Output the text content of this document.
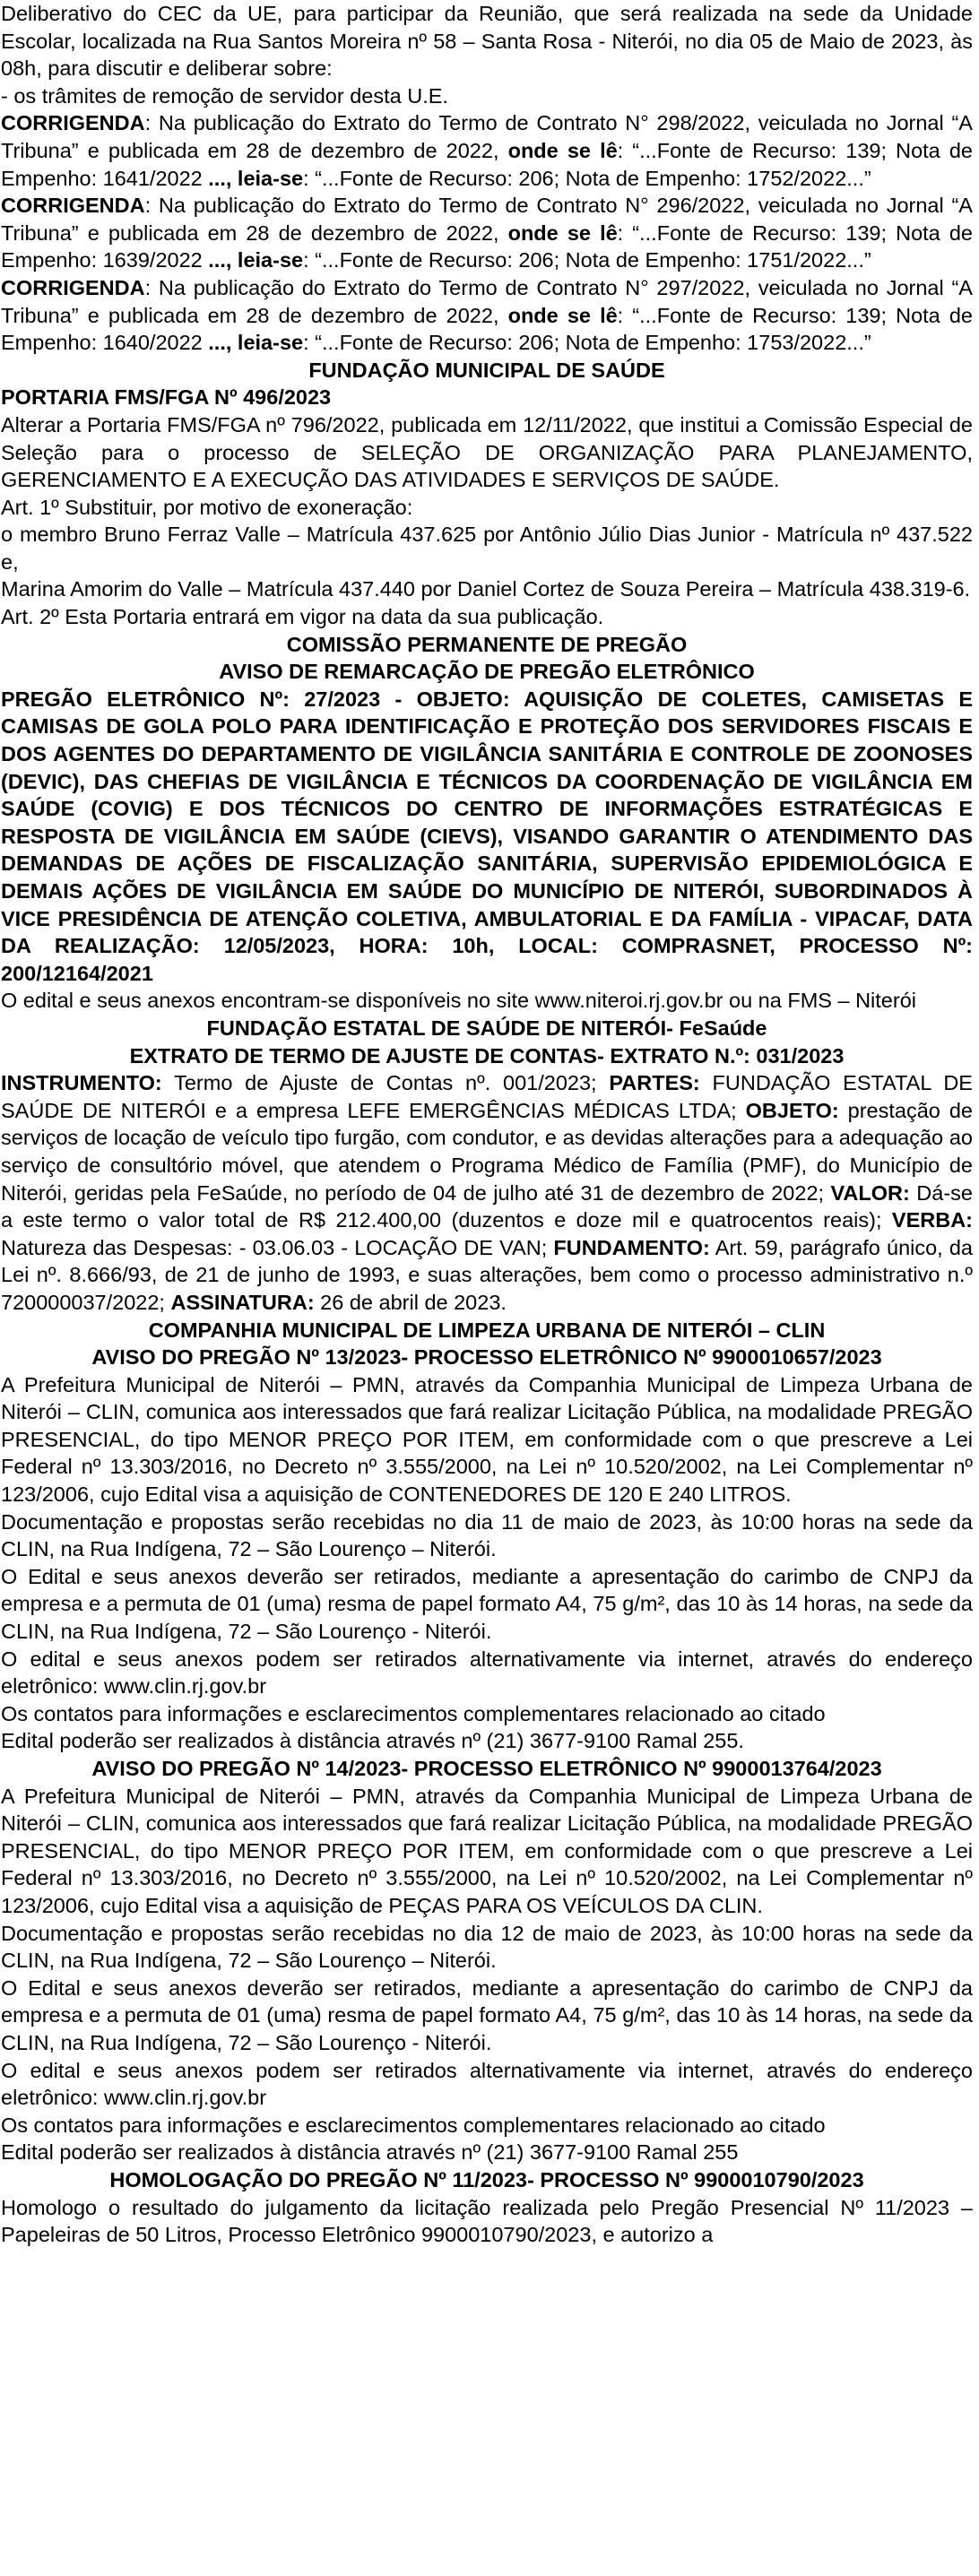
Deliberativo do CEC da UE, para participar da Reunião, que será realizada na sede da Unidade Escolar, localizada na Rua Santos Moreira nº 58 – Santa Rosa - Niterói, no dia 05 de Maio de 2023, às 08h, para discutir e deliberar sobre:

- os trâmites de remoção de servidor desta U.E.

CORRIGENDA: Na publicação do Extrato do Termo de Contrato N° 298/2022, veiculada no Jornal “A Tribuna” e publicada em 28 de dezembro de 2022, onde se lê: “...Fonte de Recurso: 139; Nota de Empenho: 1641/2022 ..., leia-se: “...Fonte de Recurso: 206; Nota de Empenho: 1752/2022...”

CORRIGENDA: Na publicação do Extrato do Termo de Contrato N° 296/2022, veiculada no Jornal “A Tribuna” e publicada em 28 de dezembro de 2022, onde se lê: “...Fonte de Recurso: 139; Nota de Empenho: 1639/2022 ..., leia-se: “...Fonte de Recurso: 206; Nota de Empenho: 1751/2022...”

CORRIGENDA: Na publicação do Extrato do Termo de Contrato N° 297/2022, veiculada no Jornal “A Tribuna” e publicada em 28 de dezembro de 2022, onde se lê: “...Fonte de Recurso: 139; Nota de Empenho: 1640/2022 ..., leia-se: “...Fonte de Recurso: 206; Nota de Empenho: 1753/2022...”

FUNDAÇÃO MUNICIPAL DE SAÚDE

PORTARIA FMS/FGA Nº 496/2023

Alterar a Portaria FMS/FGA nº 796/2022, publicada em 12/11/2022, que institui a Comissão Especial de Seleção para o processo de SELEÇÃO DE ORGANIZAÇÃO PARA PLANEJAMENTO, GERENCIAMENTO E A EXECUÇÃO DAS ATIVIDADES E SERVIÇOS DE SAÚDE.

Art. 1º Substituir, por motivo de exoneração:

o membro Bruno Ferraz Valle – Matrícula 437.625 por Antônio Júlio Dias Junior - Matrícula nº 437.522 e,

Marina Amorim do Valle – Matrícula 437.440 por Daniel Cortez de Souza Pereira – Matrícula 438.319-6.

Art. 2º Esta Portaria entrará em vigor na data da sua publicação.

COMISSÃO PERMANENTE DE PREGÃO

AVISO DE REMARCAÇÃO DE PREGÃO ELETRÔNICO

PREGÃO ELETRÔNICO Nº: 27/2023 - OBJETO: AQUISIÇÃO DE COLETES, CAMISETAS E CAMISAS DE GOLA POLO PARA IDENTIFICAÇÃO E PROTEÇÃO DOS SERVIDORES FISCAIS E DOS AGENTES DO DEPARTAMENTO DE VIGILÂNCIA SANITÁRIA E CONTROLE DE ZOONOSES (DEVIC), DAS CHEFIAS DE VIGILÂNCIA E TÉCNICOS DA COORDENAÇÃO DE VIGILÂNCIA EM SAÚDE (COVIG) E DOS TÉCNICOS DO CENTRO DE INFORMAÇÕES ESTRATÉGICAS E RESPOSTA DE VIGILÂNCIA EM SAÚDE (CIEVS), VISANDO GARANTIR O ATENDIMENTO DAS DEMANDAS DE AÇÕES DE FISCALIZAÇÃO SANITÁRIA, SUPERVISÃO EPIDEMIOLÓGICA E DEMAIS AÇÕES DE VIGILÂNCIA EM SAÚDE DO MUNICÍPIO DE NITERÓI, SUBORDINADOS À VICE PRESIDÊNCIA DE ATENÇÃO COLETIVA, AMBULATORIAL E DA FAMÍLIA - VIPACAF, DATA DA REALIZAÇÃO: 12/05/2023, HORA: 10h, LOCAL: COMPRASNET, PROCESSO Nº: 200/12164/2021

O edital e seus anexos encontram-se disponíveis no site www.niteroi.rj.gov.br ou na FMS – Niterói

FUNDAÇÃO ESTATAL DE SAÚDE DE NITERÓI- FeSaúde

EXTRATO DE TERMO DE AJUSTE DE CONTAS- EXTRATO N.º: 031/2023

INSTRUMENTO: Termo de Ajuste de Contas nº. 001/2023; PARTES: FUNDAÇÃO ESTATAL DE SAÚDE DE NITERÓI e a empresa LEFE EMERGÊNCIAS MÉDICAS LTDA; OBJETO: prestação de serviços de locação de veículo tipo furgão, com condutor, e as devidas alterações para a adequação ao serviço de consultório móvel, que atendem o Programa Médico de Família (PMF), do Município de Niterói, geridas pela FeSaúde, no período de 04 de julho até 31 de dezembro de 2022; VALOR: Dá-se a este termo o valor total de R$ 212.400,00 (duzentos e doze mil e quatrocentos reais); VERBA: Natureza das Despesas: - 03.06.03 - LOCAÇÃO DE VAN; FUNDAMENTO: Art. 59, parágrafo único, da Lei nº. 8.666/93, de 21 de junho de 1993, e suas alterações, bem como o processo administrativo n.º 720000037/2022; ASSINATURA: 26 de abril de 2023.

COMPANHIA MUNICIPAL DE LIMPEZA URBANA DE NITERÓI – CLIN

AVISO DO PREGÃO Nº 13/2023- PROCESSO ELETRÔNICO Nº 9900010657/2023

A Prefeitura Municipal de Niterói – PMN, através da Companhia Municipal de Limpeza Urbana de Niterói – CLIN, comunica aos interessados que fará realizar Licitação Pública, na modalidade PREGÃO PRESENCIAL, do tipo MENOR PREÇO POR ITEM, em conformidade com o que prescreve a Lei Federal nº 13.303/2016, no Decreto nº 3.555/2000, na Lei nº 10.520/2002, na Lei Complementar nº 123/2006, cujo Edital visa a aquisição de CONTENEDORES DE 120 E 240 LITROS.

Documentação e propostas serão recebidas no dia 11 de maio de 2023, às 10:00 horas na sede da CLIN, na Rua Indígena, 72 – São Lourenço – Niterói.

O Edital e seus anexos deverão ser retirados, mediante a apresentação do carimbo de CNPJ da empresa e a permuta de 01 (uma) resma de papel formato A4, 75 g/m², das 10 às 14 horas, na sede da CLIN, na Rua Indígena, 72 – São Lourenço - Niterói.

O edital e seus anexos podem ser retirados alternativamente via internet, através do endereço eletrônico: www.clin.rj.gov.br

Os contatos para informações e esclarecimentos complementares relacionado ao citado

Edital poderão ser realizados à distância através nº (21) 3677-9100 Ramal 255.

AVISO DO PREGÃO Nº 14/2023- PROCESSO ELETRÔNICO Nº 9900013764/2023

A Prefeitura Municipal de Niterói – PMN, através da Companhia Municipal de Limpeza Urbana de Niterói – CLIN, comunica aos interessados que fará realizar Licitação Pública, na modalidade PREGÃO PRESENCIAL, do tipo MENOR PREÇO POR ITEM, em conformidade com o que prescreve a Lei Federal nº 13.303/2016, no Decreto nº 3.555/2000, na Lei nº 10.520/2002, na Lei Complementar nº 123/2006, cujo Edital visa a aquisição de PEÇAS PARA OS VEÍCULOS DA CLIN.

Documentação e propostas serão recebidas no dia 12 de maio de 2023, às 10:00 horas na sede da CLIN, na Rua Indígena, 72 – São Lourenço – Niterói.

O Edital e seus anexos deverão ser retirados, mediante a apresentação do carimbo de CNPJ da empresa e a permuta de 01 (uma) resma de papel formato A4, 75 g/m², das 10 às 14 horas, na sede da CLIN, na Rua Indígena, 72 – São Lourenço - Niterói.

O edital e seus anexos podem ser retirados alternativamente via internet, através do endereço eletrônico: www.clin.rj.gov.br

Os contatos para informações e esclarecimentos complementares relacionado ao citado

Edital poderão ser realizados à distância através nº (21) 3677-9100 Ramal 255

HOMOLOGAÇÃO DO PREGÃO Nº 11/2023- PROCESSO Nº 9900010790/2023

Homologo o resultado do julgamento da licitação realizada pelo Pregão Presencial Nº 11/2023 – Papeleiras de 50 Litros, Processo Eletrônico 9900010790/2023, e autorizo a
